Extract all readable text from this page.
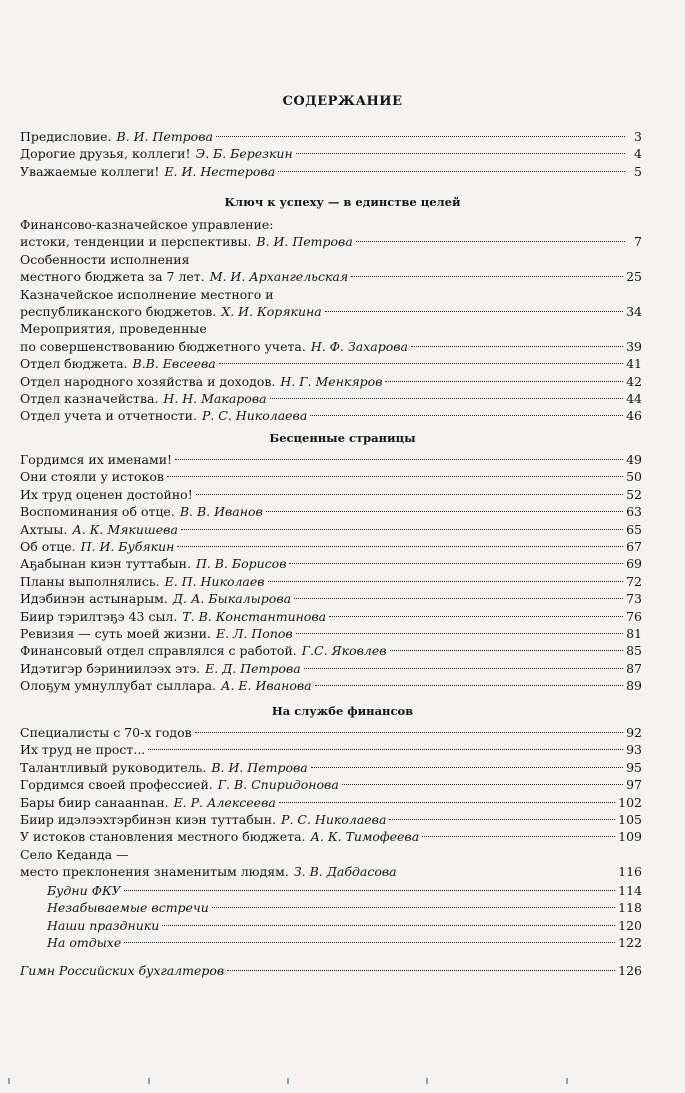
СОДЕРЖАНИЕ
Предисловие. В. И. Петрова	3
Дорогие друзья, коллеги! Э. Б. Березкин	4
Уважаемые коллеги! Е. И. Нестерова	5
Ключ к успеху — в единстве целей
Финансово-казначейское управление:
истоки, тенденции и перспективы. В. И. Петрова	7
Особенности исполнения
местного бюджета за 7 лет. М. И. Архангельская	25
Казначейское исполнение местного и
республиканского бюджетов. Х. И. Корякина	34
Мероприятия, проведенные
по совершенствованию бюджетного учета. Н. Ф. Захарова	39
Отдел бюджета. В.В. Евсеева	41
Отдел народного хозяйства и доходов. Н. Г. Менкяров	42
Отдел казначейства. Н. Н. Макарова	44
Отдел учета и отчетности. Р. С. Николаева	46
Бесценные страницы
Гордимся их именами!	49
Они стояли у истоков	50
Их труд оценен достойно!	52
Воспоминания об отце. В. В. Иванов	63
Ахтыы. А. К. Мякишева	65
Об отце. П. И. Бубякин	67
Аҕабынан киэн туттабын. П. В. Борисов	69
Планы выполнялись. Е. П. Николаев	72
Идэбинэн астынарым. Д. А. Быкалырова	73
Биир тэрилтэҕэ 43 сыл. Т. В. Константинова	76
Ревизия — суть моей жизни. Е. Л. Попов	81
Финансовый отдел справлялся с работой. Г.С. Яковлев	85
Идэтигэр бэриниилээх этэ. Е. Д. Петрова	87
Олоҕум умнуллубат сыллара. А. Е. Иванова	89
На службе финансов
Специалисты с 70-х годов	92
Их труд не прост...	93
Талантливый руководитель. В. И. Петрова	95
Гордимся своей профессией. Г. В. Спиридонова	97
Бары биир санаанnан. Е. Р. Алексеева	102
Биир идэлээхтэрбинэн киэн туттабын. Р. С. Николаева	105
У истоков становления местного бюджета. А. К. Тимофеева	109
Село Кеданда —
место преклонения знаменитым людям. З. В. Дабдасова	116
Будни ФКУ	114
Незабываемые встречи	118
Наши праздники	120
На отдыхе	122
Гимн Российских бухгалтеров	126
